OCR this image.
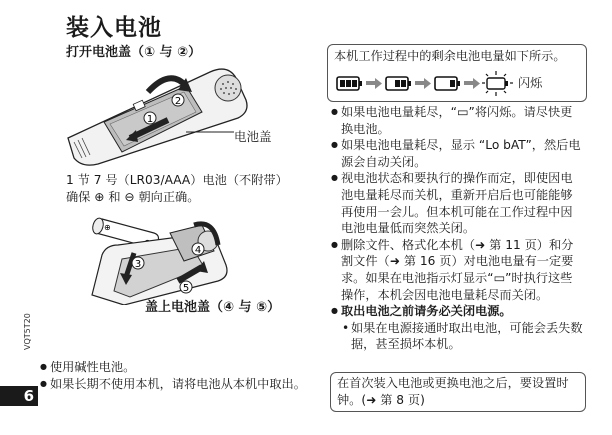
装入电池
打开电池盖（① 与 ②）
1
2
电池盖
1 节 7 号（LR03/AAA）电池（不附带）
确保 ⊕ 和 ⊖ 朝向正确。
⊕
3
4
5
盖上电池盖（④ 与 ⑤）
● 使用碱性电池。
● 如果长期不使用本机，请将电池从本机中取出。
6
VQT5T20
本机工作过程中的剩余电池电量如下所示。
闪烁
● 如果电池电量耗尽，“▭”将闪烁。请尽快更换电池。
● 如果电池电量耗尽，显示 “Lo bAT”，然后电源会自动关闭。
● 视电池状态和要执行的操作而定，即使因电池电量耗尽而关机，重新开启后也可能能够再使用一会儿。但本机可能在工作过程中因电池电量低而突然关闭。
● 删除文件、格式化本机（➜ 第 11 页）和分割文件（➜ 第 16 页）对电池电量有一定要求。如果在电池指示灯显示“▭”时执行这些操作，本机会因电池电量耗尽而关闭。
● 取出电池之前请务必关闭电源。
• 如果在电源接通时取出电池，可能会丢失数据，甚至损坏本机。
在首次装入电池或更换电池之后，要设置时钟。(➜ 第 8 页)
